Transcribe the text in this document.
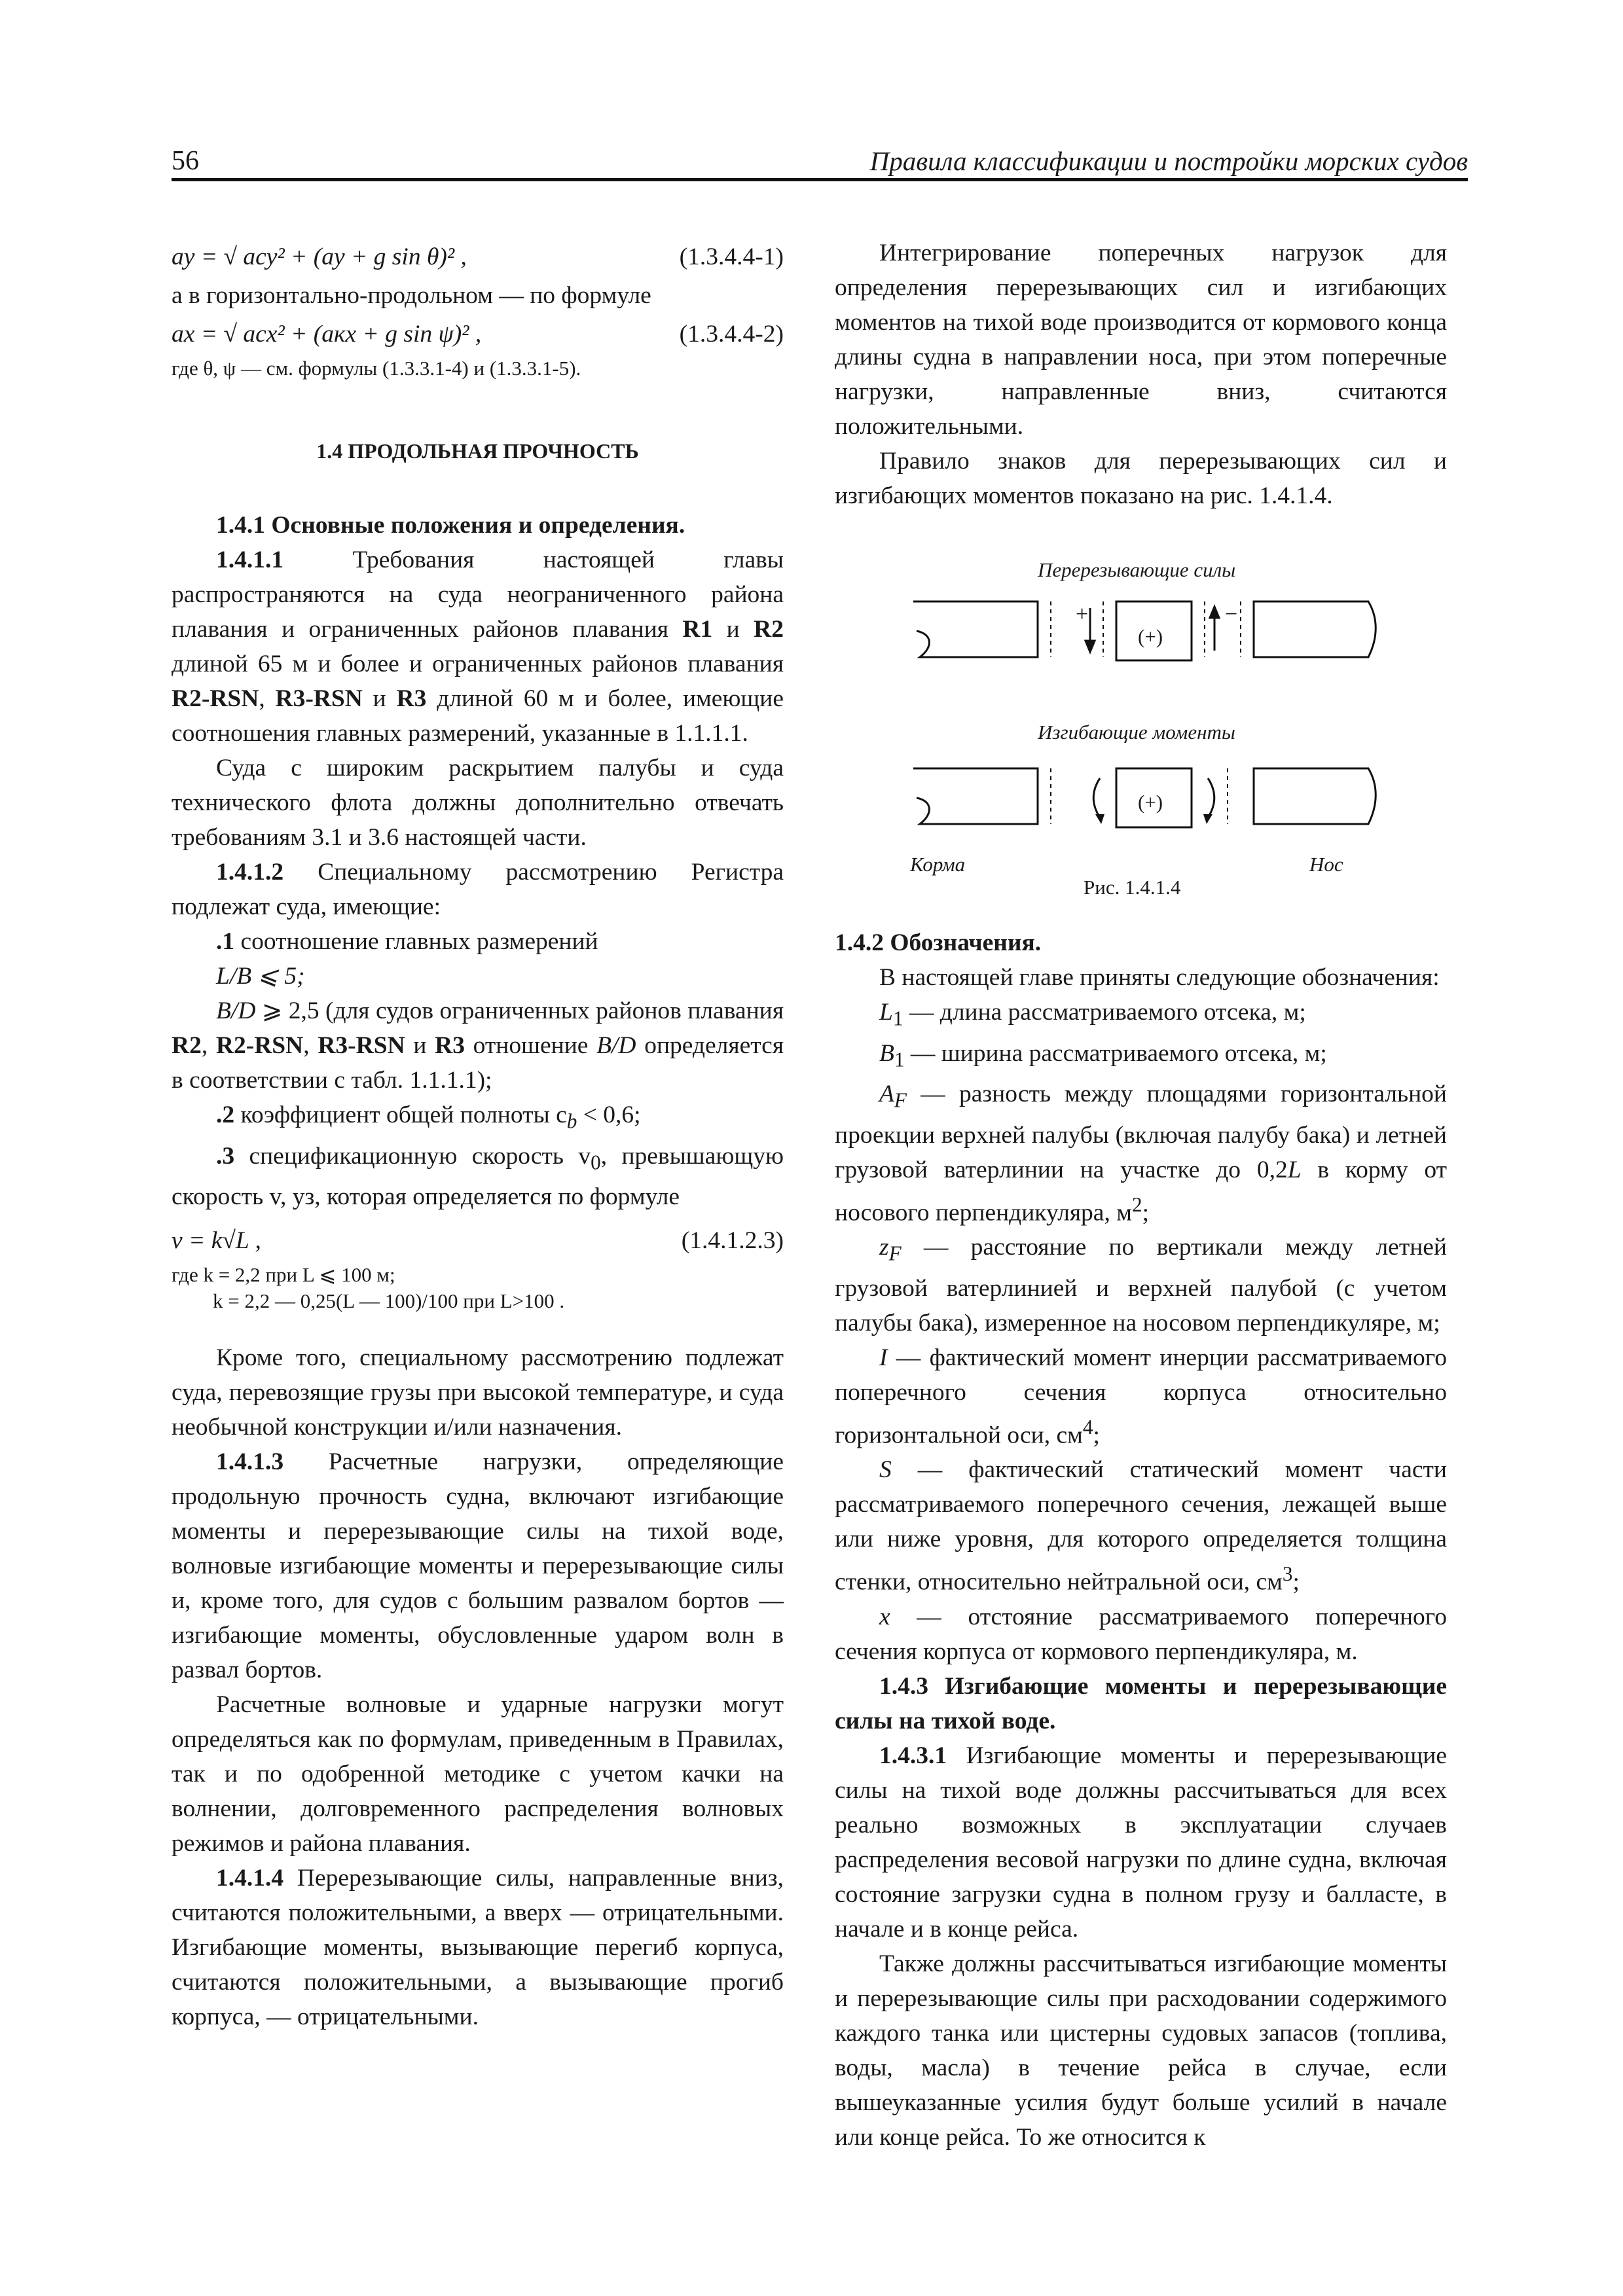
56	Правила классификации и постройки морских судов
ay = √ acy² + (ay + g sin θ)² ,	(1.3.4.4-1)

а в горизонтально-продольном — по формуле

ax = √ acx² + (aкх + g sin ψ)² ,	(1.3.4.4-2)

где θ, ψ — см. формулы (1.3.3.1-4) и (1.3.3.1-5).

1.4 ПРОДОЛЬНАЯ ПРОЧНОСТЬ

1.4.1 Основные положения и определения.

1.4.1.1 Требования настоящей главы распространяются на суда неограниченного района плавания и ограниченных районов плавания R1 и R2 длиной 65 м и более и ограниченных районов плавания R2-RSN, R3-RSN и R3 длиной 60 м и более, имеющие соотношения главных размерений, указанные в 1.1.1.1.

Суда с широким раскрытием палубы и суда технического флота должны дополнительно отвечать требованиям 3.1 и 3.6 настоящей части.

1.4.1.2 Специальному рассмотрению Регистра подлежат суда, имеющие:

.1 соотношение главных размерений

L/B ⩽ 5;

B/D ⩾ 2,5 (для судов ограниченных районов плавания R2, R2-RSN, R3-RSN и R3 отношение B/D определяется в соответствии с табл. 1.1.1.1);

.2 коэффициент общей полноты $c_b < 0,6$;

.3 спецификационную скорость $v_0$, превышающую скорость v, уз, которая определяется по формуле

v = k√L ,	(1.4.1.2.3)

где k = 2,2 при L ⩽ 100 м;

k = 2,2 — 0,25(L — 100)/100 при L>100 .

Кроме того, специальному рассмотрению подлежат суда, перевозящие грузы при высокой температуре, и суда необычной конструкции и/или назначения.

1.4.1.3 Расчетные нагрузки, определяющие продольную прочность судна, включают изгибающие моменты и перерезывающие силы на тихой воде, волновые изгибающие моменты и перерезывающие силы и, кроме того, для судов с большим развалом бортов — изгибающие моменты, обусловленные ударом волн в развал бортов.

Расчетные волновые и ударные нагрузки могут определяться как по формулам, приведенным в Правилах, так и по одобренной методике с учетом качки на волнении, долговременного распределения волновых режимов и района плавания.

1.4.1.4 Перерезывающие силы, направленные вниз, считаются положительными, а вверх — отрицательными. Изгибающие моменты, вызывающие перегиб корпуса, считаются положительными, а вызывающие прогиб корпуса, — отрицательными.

Интегрирование поперечных нагрузок для определения перерезывающих сил и изгибающих моментов на тихой воде производится от кормового конца длины судна в направлении носа, при этом поперечные нагрузки, направленные вниз, считаются положительными.

Правило знаков для перерезывающих сил и изгибающих моментов показано на рис. 1.4.1.4.

Перерезывающие силы
+	−
(+)
Изгибающие моменты
(+)
Корма	Нос
Рис. 1.4.1.4

1.4.2 Обозначения.

В настоящей главе приняты следующие обозначения:

$L_1$ — длина рассматриваемого отсека, м;

$B_1$ — ширина рассматриваемого отсека, м;

$A_F$ — разность между площадями горизонтальной проекции верхней палубы (включая палубу бака) и летней грузовой ватерлинии на участке до 0,2L в корму от носового перпендикуляра, $м^2$;

$z_F$ — расстояние по вертикали между летней грузовой ватерлинией и верхней палубой (с учетом палубы бака), измеренное на носовом перпендикуляре, м;

I — фактический момент инерции рассматриваемого поперечного сечения корпуса относительно горизонтальной оси, $см^4$;

S — фактический статический момент части рассматриваемого поперечного сечения, лежащей выше или ниже уровня, для которого определяется толщина стенки, относительно нейтральной оси, $см^3$;

x — отстояние рассматриваемого поперечного сечения корпуса от кормового перпендикуляра, м.

1.4.3 Изгибающие моменты и перерезывающие силы на тихой воде.

1.4.3.1 Изгибающие моменты и перерезывающие силы на тихой воде должны рассчитываться для всех реально возможных в эксплуатации случаев распределения весовой нагрузки по длине судна, включая состояние загрузки судна в полном грузу и балласте, в начале и в конце рейса.

Также должны рассчитываться изгибающие моменты и перерезывающие силы при расходовании содержимого каждого танка или цистерны судовых запасов (топлива, воды, масла) в течение рейса в случае, если вышеуказанные усилия будут больше усилий в начале или конце рейса. То же относится к
